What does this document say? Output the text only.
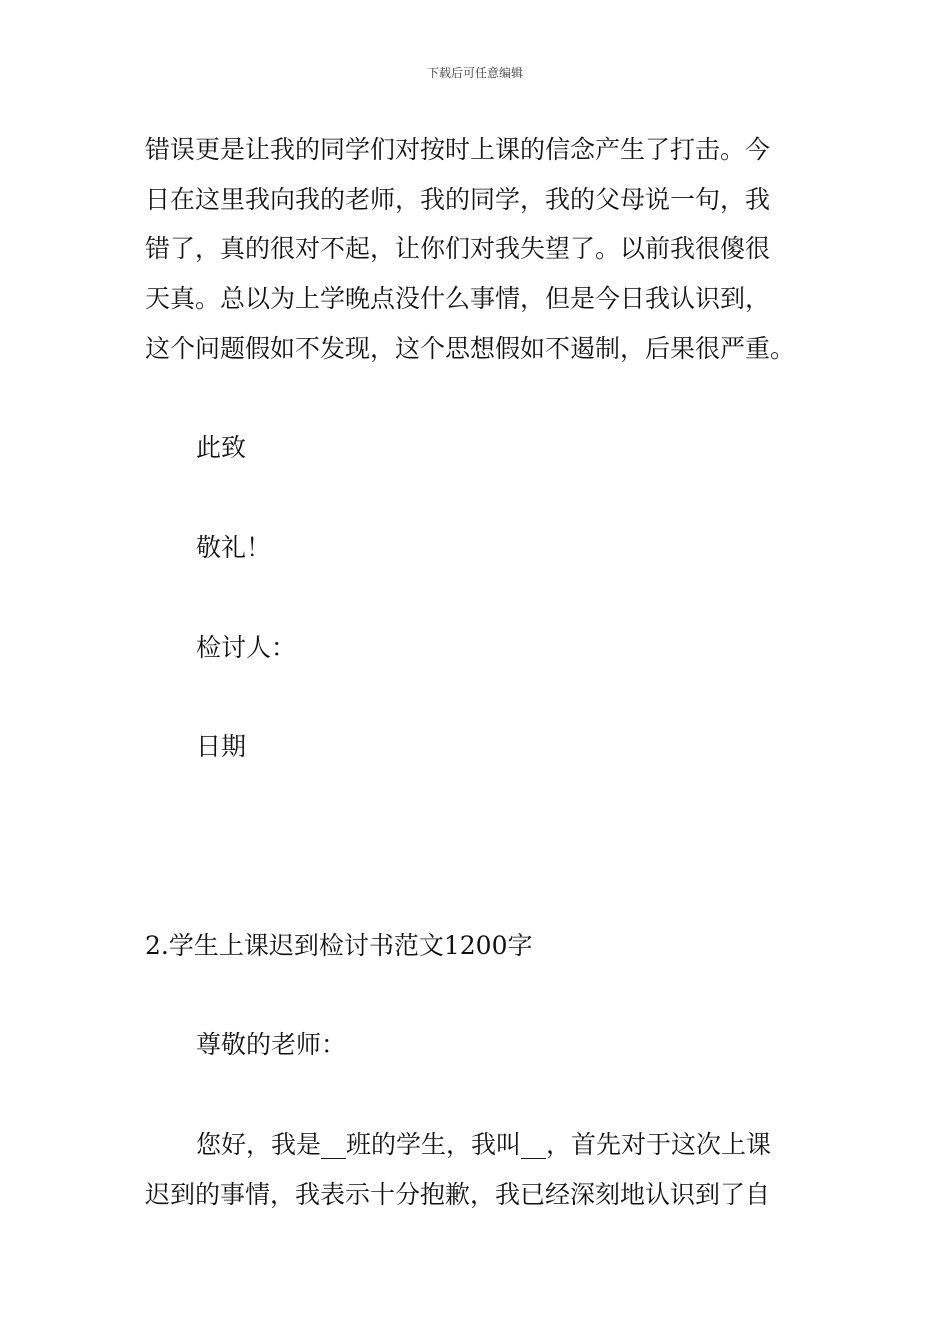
下载后可任意编辑
错误更是让我的同学们对按时上课的信念产生了打击。今
日在这里我向我的老师，我的同学，我的父母说一句，我
错了，真的很对不起，让你们对我失望了。以前我很傻很
天真。总以为上学晚点没什么事情，但是今日我认识到，
这个问题假如不发现，这个思想假如不遏制，后果很严重。
此致
敬礼！
检讨人：
日期
2.学生上课迟到检讨书范文1200字
尊敬的老师：
您好，我是__班的学生，我叫__，首先对于这次上课
迟到的事情，我表示十分抱歉，我已经深刻地认识到了自
